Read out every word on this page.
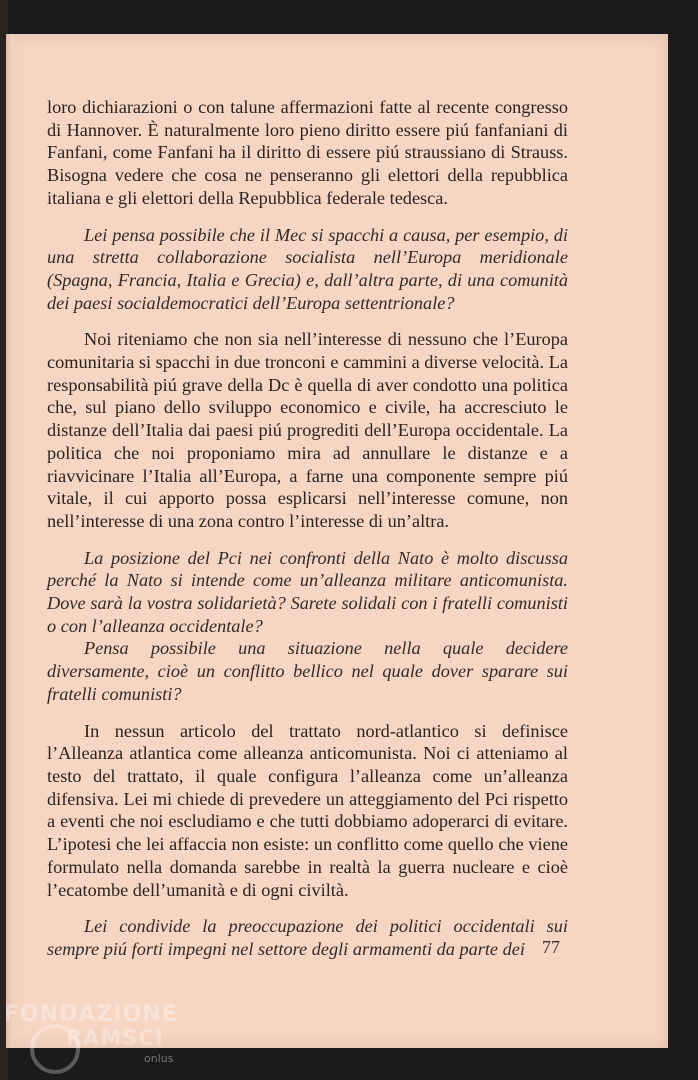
loro dichiarazioni o con talune affermazioni fatte al recente congresso di Hannover. È naturalmente loro pieno diritto essere piú fanfaniani di Fanfani, come Fanfani ha il diritto di essere piú straussiano di Strauss. Bisogna vedere che cosa ne penseranno gli elettori della repubblica italiana e gli elettori della Repubblica federale tedesca.

Lei pensa possibile che il Mec si spacchi a causa, per esempio, di una stretta collaborazione socialista nell’Europa meridionale (Spagna, Francia, Italia e Grecia) e, dall’altra parte, di una comunità dei paesi socialdemocratici dell’Europa settentrionale?

Noi riteniamo che non sia nell’interesse di nessuno che l’Europa comunitaria si spacchi in due tronconi e cammini a diverse velocità. La responsabilità piú grave della Dc è quella di aver condotto una politica che, sul piano dello sviluppo economico e civile, ha accresciuto le distanze dell’Italia dai paesi piú progrediti dell’Europa occidentale. La politica che noi proponiamo mira ad annullare le distanze e a riavvicinare l’Italia all’Europa, a farne una componente sempre piú vitale, il cui apporto possa esplicarsi nell’interesse comune, non nell’interesse di una zona contro l’interesse di un’altra.

La posizione del Pci nei confronti della Nato è molto discussa perché la Nato si intende come un’alleanza militare anticomunista. Dove sarà la vostra solidarietà? Sarete solidali con i fratelli comunisti o con l’alleanza occidentale?

Pensa possibile una situazione nella quale decidere diversamente, cioè un conflitto bellico nel quale dover sparare sui fratelli comunisti?

In nessun articolo del trattato nord-atlantico si definisce l’Alleanza atlantica come alleanza anticomunista. Noi ci atteniamo al testo del trattato, il quale configura l’alleanza come un’alleanza difensiva. Lei mi chiede di prevedere un atteggiamento del Pci rispetto a eventi che noi escludiamo e che tutti dobbiamo adoperarci di evitare. L’ipotesi che lei affaccia non esiste: un conflitto come quello che viene formulato nella domanda sarebbe in realtà la guerra nucleare e cioè l’ecatombe dell’umanità e di ogni civiltà.

Lei condivide la preoccupazione dei politici occidentali sui sempre piú forti impegni nel settore degli armamenti da parte dei 77
FONDAZIONE
RAMSCI
onlus
